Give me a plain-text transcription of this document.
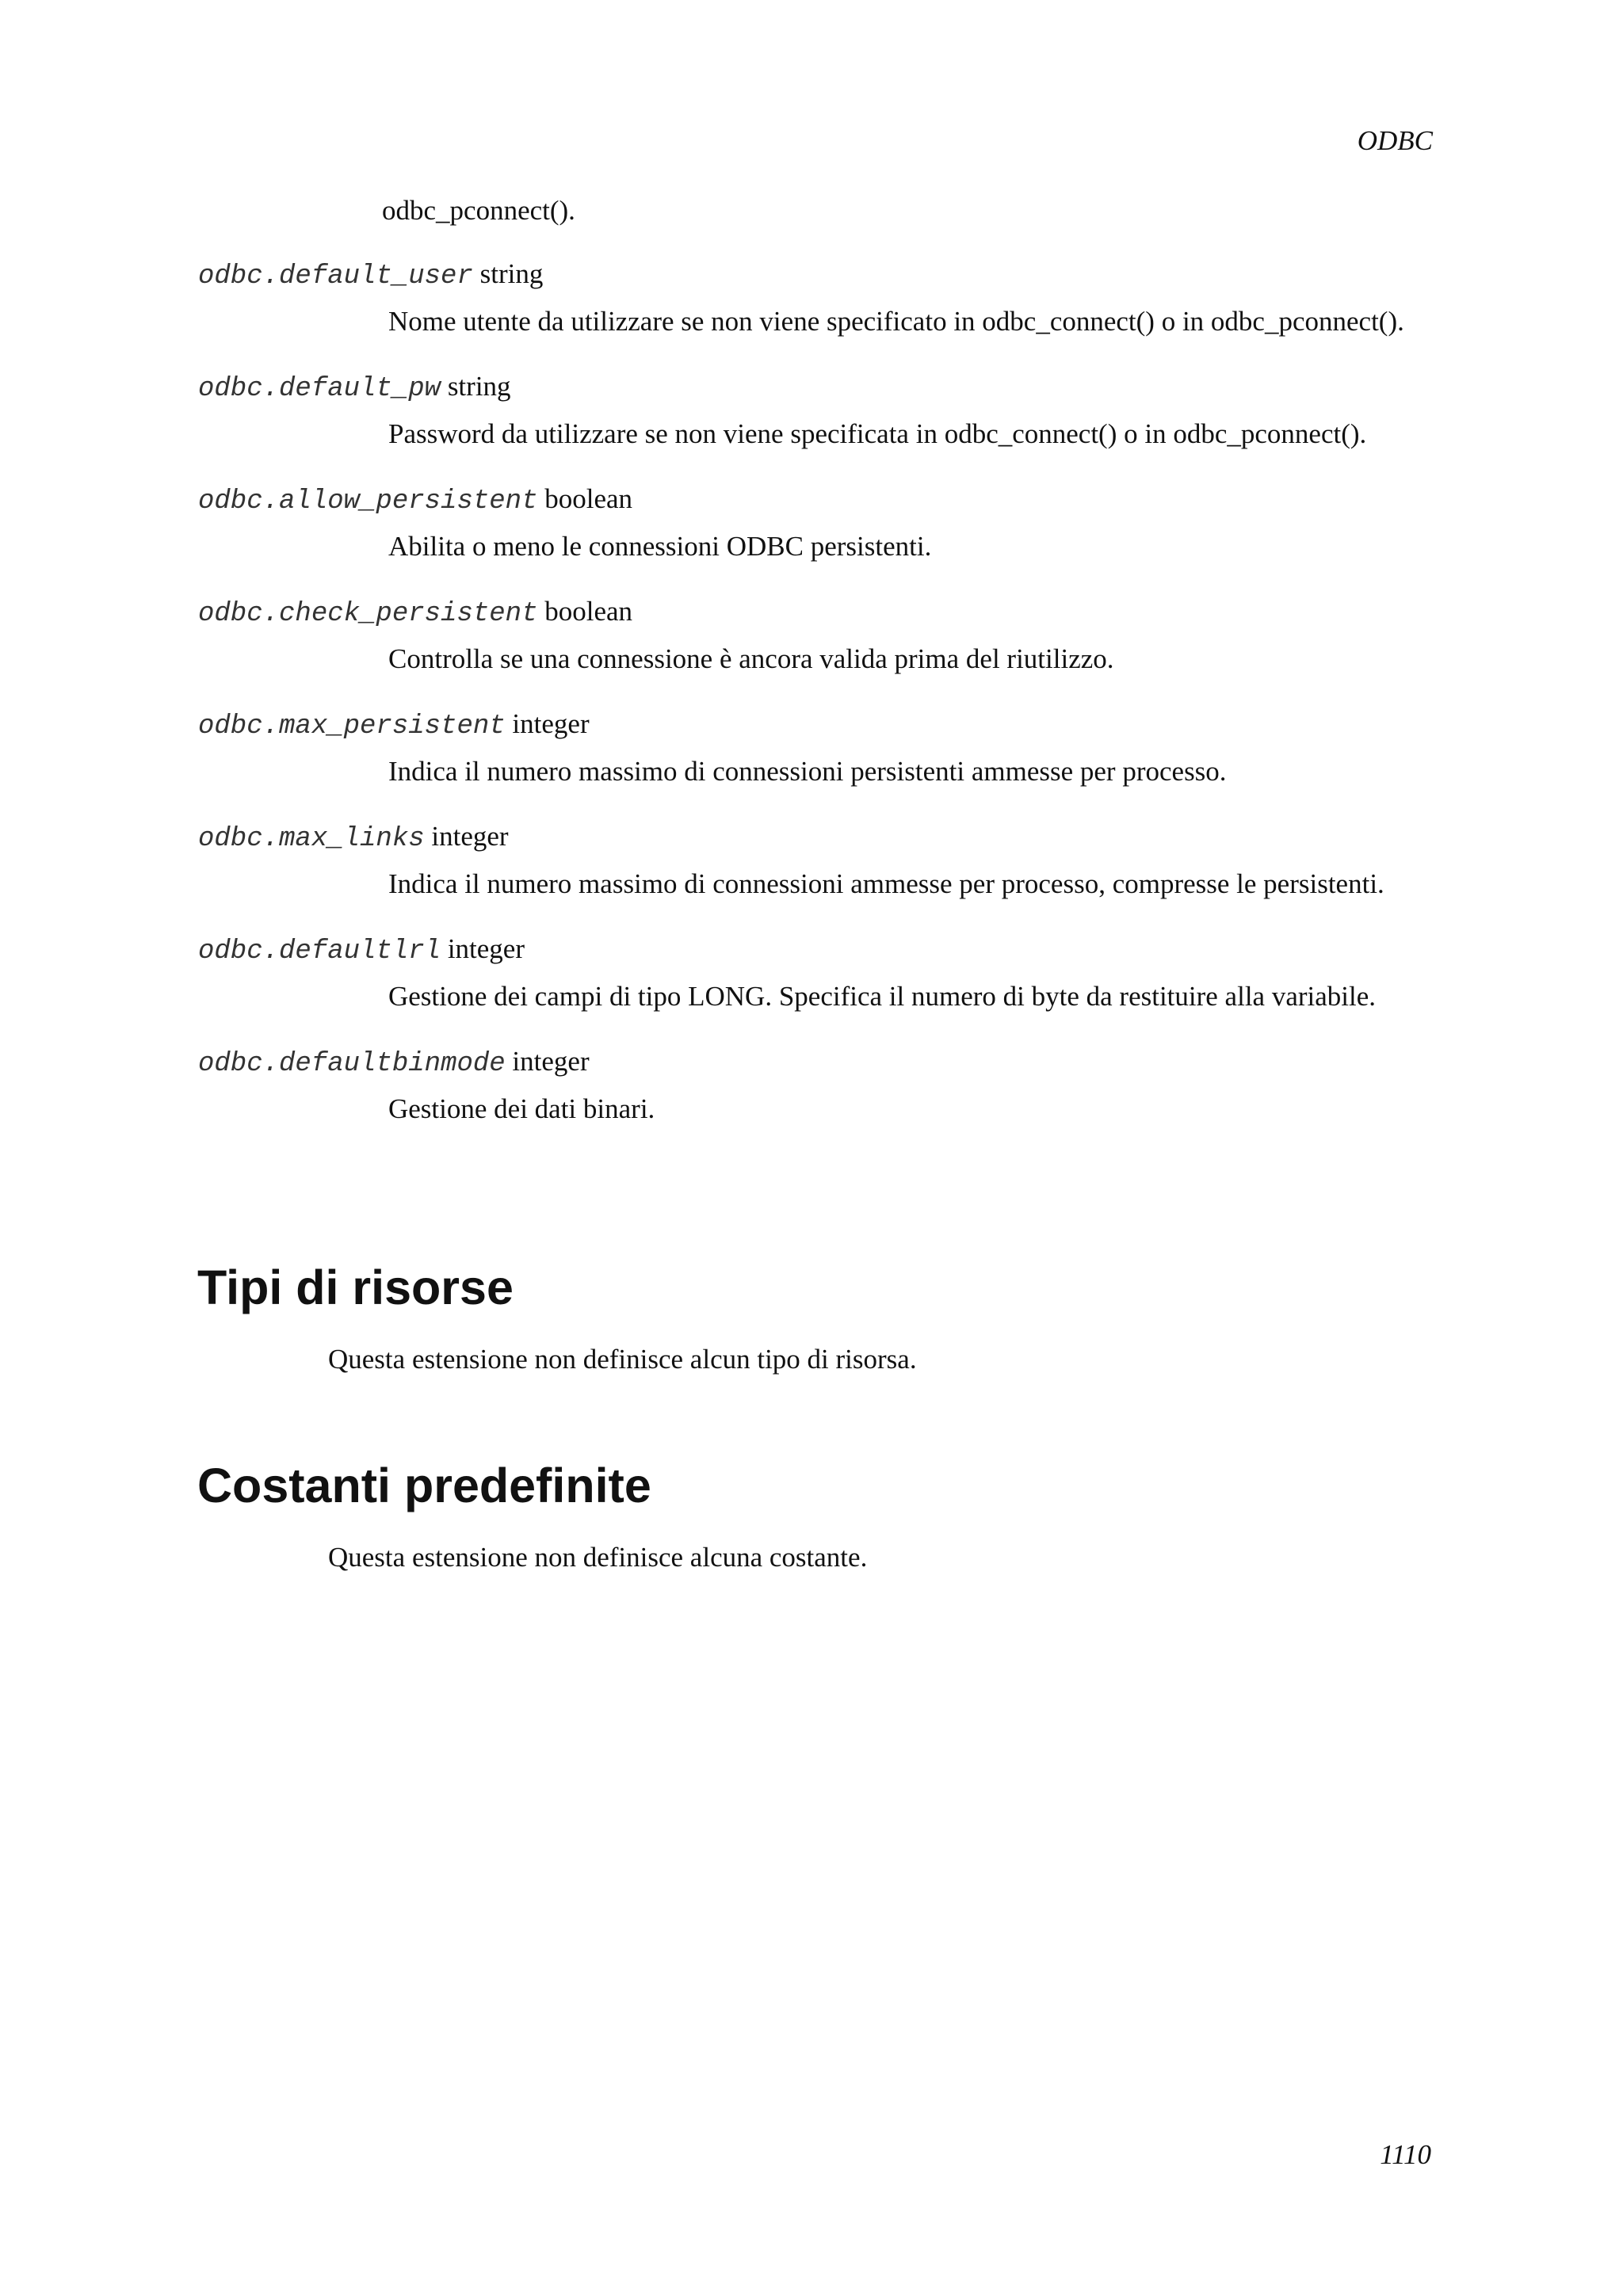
ODBC
odbc_pconnect().
odbc.default_user string
Nome utente da utilizzare se non viene specificato in odbc_connect() o in odbc_pconnect().
odbc.default_pw string
Password da utilizzare se non viene specificata in odbc_connect() o in odbc_pconnect().
odbc.allow_persistent boolean
Abilita o meno le connessioni ODBC persistenti.
odbc.check_persistent boolean
Controlla se una connessione è ancora valida prima del riutilizzo.
odbc.max_persistent integer
Indica il numero massimo di connessioni persistenti ammesse per processo.
odbc.max_links integer
Indica il numero massimo di connessioni ammesse per processo, compresse le persistenti.
odbc.defaultlrl integer
Gestione dei campi di tipo LONG. Specifica il numero di byte da restituire alla variabile.
odbc.defaultbinmode integer
Gestione dei dati binari.
Tipi di risorse
Questa estensione non definisce alcun tipo di risorsa.
Costanti predefinite
Questa estensione non definisce alcuna costante.
1110
